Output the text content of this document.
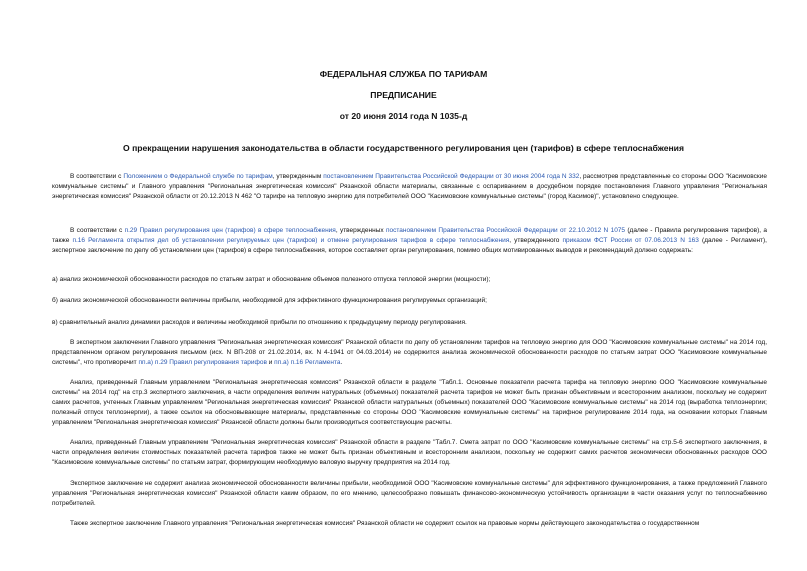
ФЕДЕРАЛЬНАЯ СЛУЖБА ПО ТАРИФАМ

ПРЕДПИСАНИЕ

от 20 июня 2014 года N 1035-д

О прекращении нарушения законодательства в области государственного регулирования цен (тарифов) в сфере теплоснабжения

В соответствии с Положением о Федеральной службе по тарифам, утвержденным постановлением Правительства Российской Федерации от 30 июня 2004 года N 332, рассмотрев представленные со стороны ООО "Касимовские коммунальные системы" и Главного управления "Региональная энергетическая комиссия" Рязанской области материалы, связанные с оспариванием в досудебном порядке постановления Главного управления "Региональная энергетическая комиссия" Рязанской области от 20.12.2013 N 462 "О тарифе на тепловую энергию для потребителей ООО "Касимовские коммунальные системы" (город Касимов)", установлено следующее.

В соответствии с п.29 Правил регулирования цен (тарифов) в сфере теплоснабжения, утвержденных постановлением Правительства Российской Федерации от 22.10.2012 N 1075 (далее - Правила регулирования тарифов), а также п.16 Регламента открытия дел об установлении регулируемых цен (тарифов) и отмене регулирования тарифов в сфере теплоснабжения, утвержденного приказом ФСТ России от 07.06.2013 N 163 (далее - Регламент), экспертное заключение по делу об установлении цен (тарифов) в сфере теплоснабжения, которое составляет орган регулирования, помимо общих мотивированных выводов и рекомендаций должно содержать:

а) анализ экономической обоснованности расходов по статьям затрат и обоснование объемов полезного отпуска тепловой энергии (мощности);

б) анализ экономической обоснованности величины прибыли, необходимой для эффективного функционирования регулируемых организаций;

в) сравнительный анализ динамики расходов и величины необходимой прибыли по отношению к предыдущему периоду регулирования.

В экспертном заключении Главного управления "Региональная энергетическая комиссия" Рязанской области по делу об установлении тарифов на тепловую энергию для ООО "Касимовские коммунальные системы" на 2014 год, представленном органом регулирования письмом (исх. N ВП-208 от 21.02.2014, вх. N 4-1941 от 04.03.2014) не содержится анализа экономической обоснованности расходов по статьям затрат ООО "Касимовские коммунальные системы", что противоречит пп.а) п.29 Правил регулирования тарифов и пп.а) п.16 Регламента.

Анализ, приведенный Главным управлением "Региональная энергетическая комиссия" Рязанской области в разделе "Табл.1. Основные показатели расчета тарифа на тепловую энергию ООО "Касимовские коммунальные системы" на 2014 год" на стр.3 экспертного заключения, в части определения величин натуральных (объемных) показателей расчета тарифов не может быть признан объективным и всесторонним анализом, поскольку не содержит самих расчетов, учтенных Главным управлением "Региональная энергетическая комиссия" Рязанской области натуральных (объемных) показателей ООО "Касимовские коммунальные системы" на 2014 год (выработка теплоэнергии; полезный отпуск теплоэнергии), а также ссылок на обосновывающие материалы, представленные со стороны ООО "Касимовские коммунальные системы" на тарифное регулирование 2014 года, на основании которых Главным управлением "Региональная энергетическая комиссия" Рязанской области должны были производиться соответствующие расчеты.

Анализ, приведенный Главным управлением "Региональная энергетическая комиссия" Рязанской области в разделе "Табл.7. Смета затрат по ООО "Касимовские коммунальные системы" на стр.5-6 экспертного заключения, в части определения величин стоимостных показателей расчета тарифов также не может быть признан объективным и всесторонним анализом, поскольку не содержит самих расчетов экономически обоснованных расходов ООО "Касимовские коммунальные системы" по статьям затрат, формирующим необходимую валовую выручку предприятия на 2014 год.

Экспертное заключение не содержит анализа экономической обоснованности величины прибыли, необходимой ООО "Касимовские коммунальные системы" для эффективного функционирования, а также предложений Главного управления "Региональная энергетическая комиссия" Рязанской области каким образом, по его мнению, целесообразно повышать финансово-экономическую устойчивость организации в части оказания услуг по теплоснабжению потребителей.

Также экспертное заключение Главного управления "Региональная энергетическая комиссия" Рязанской области не содержит ссылок на правовые нормы действующего законодательства о государственном
